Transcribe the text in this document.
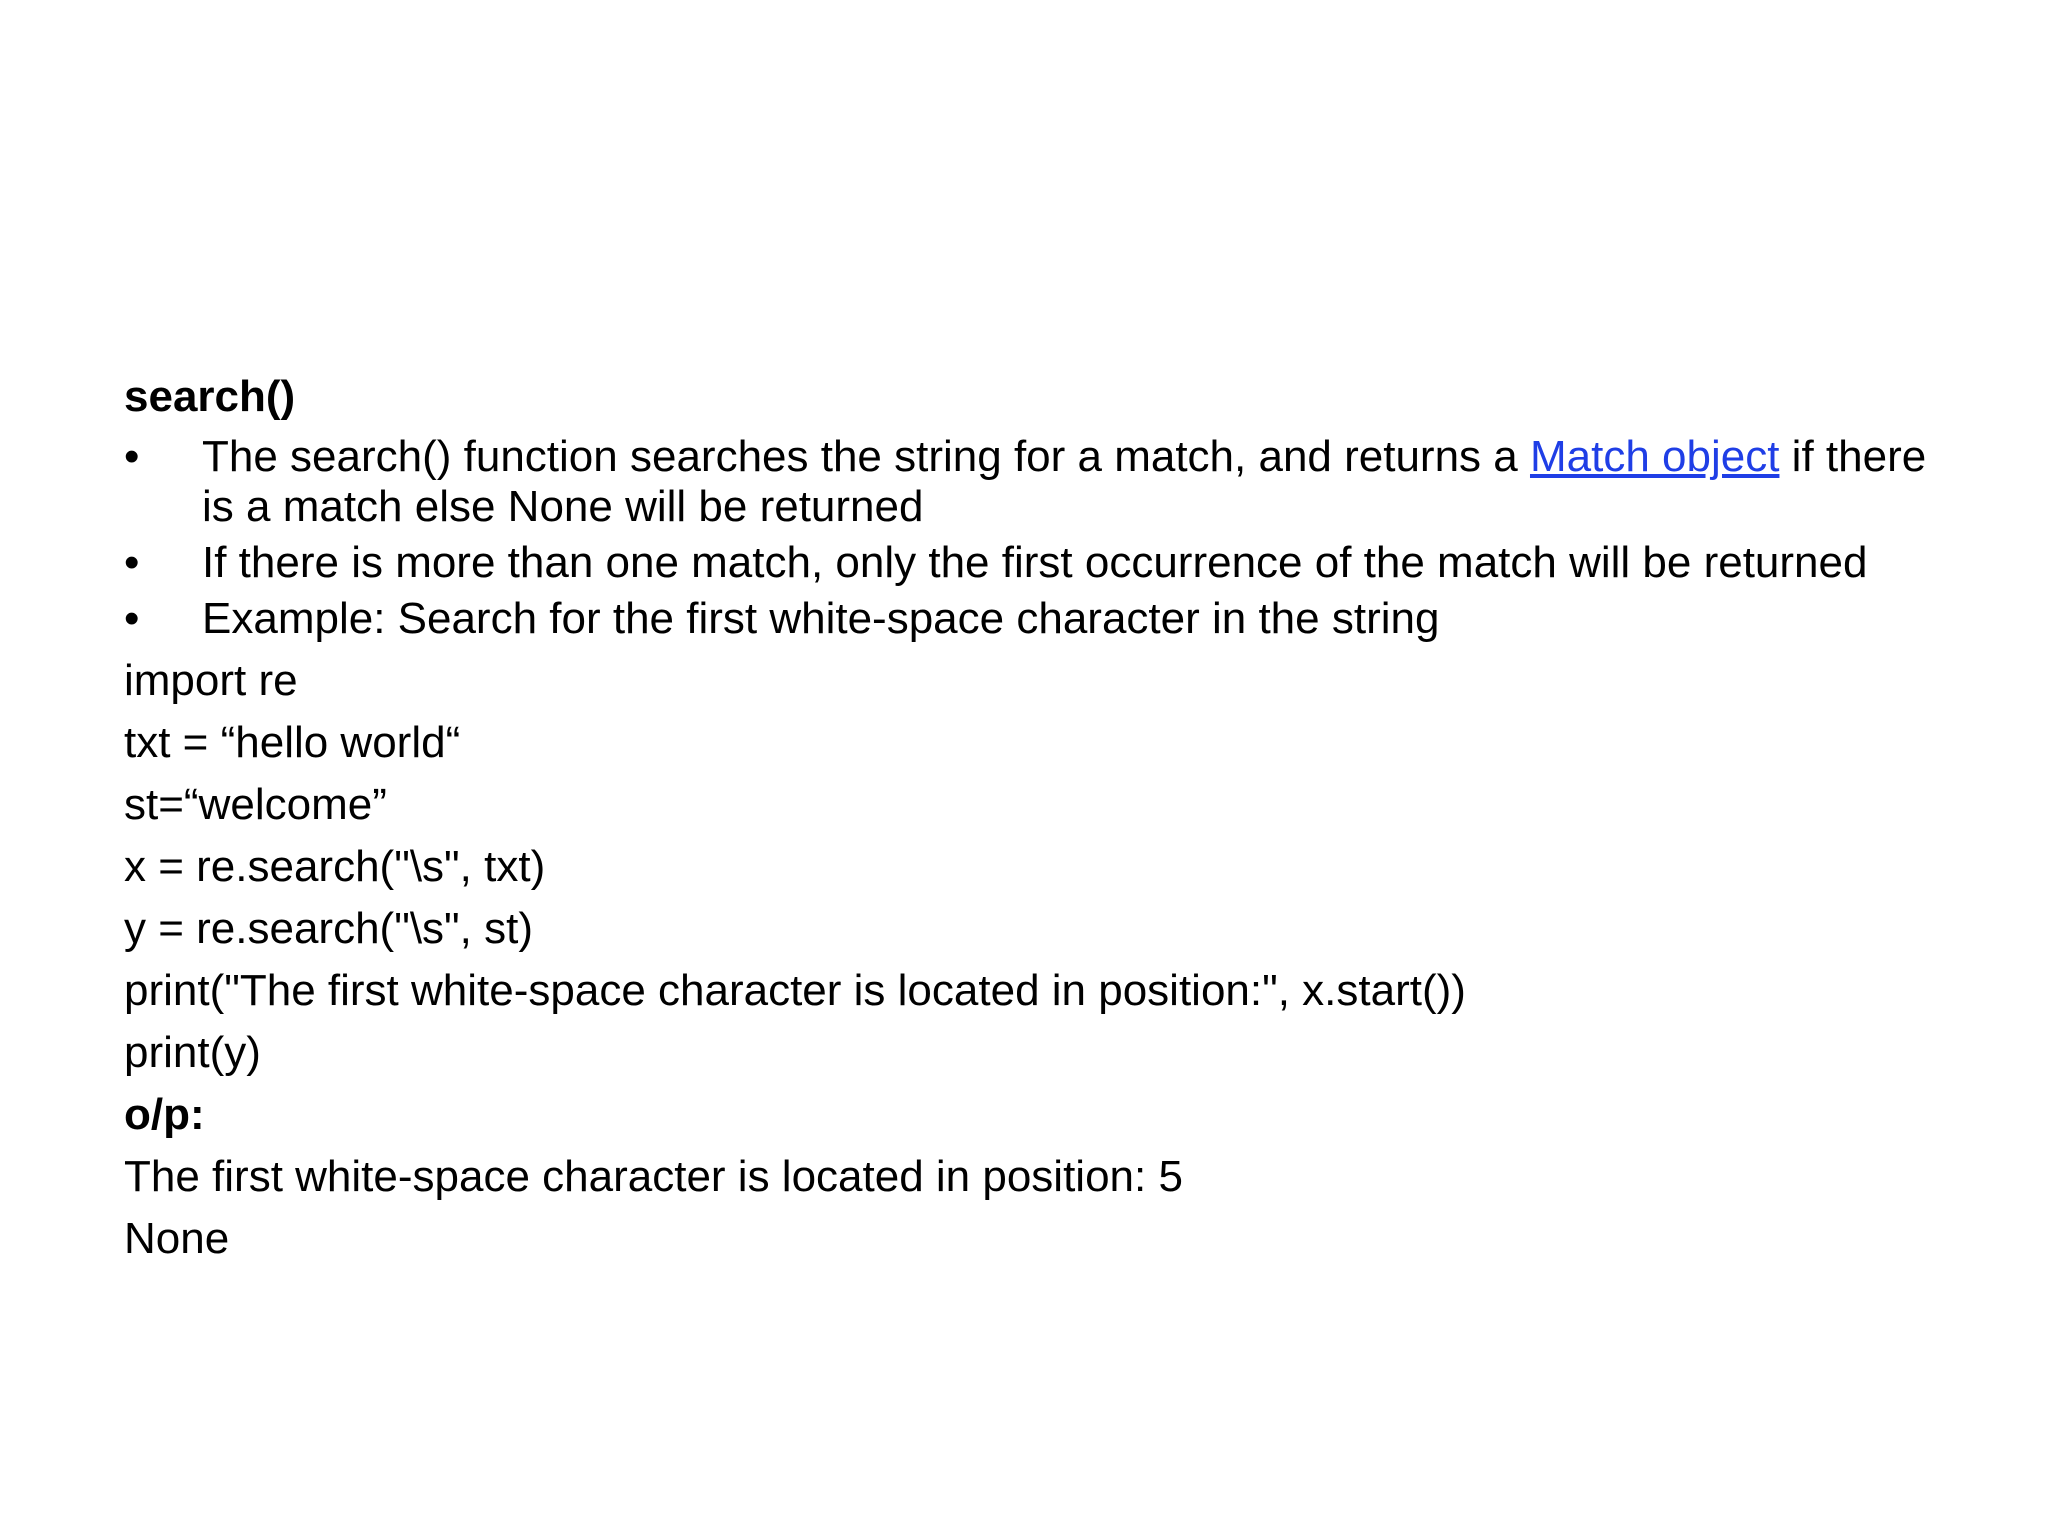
search()
•	The search() function searches the string for a match, and returns a Match object if there is a match else None will be returned
•	If there is more than one match, only the first occurrence of the match will be returned
•	Example: Search for the first white-space character in the string
import re
txt = “hello world“
st=“welcome”
x = re.search("\s", txt)
y = re.search("\s", st)
print("The first white-space character is located in position:", x.start())
print(y)
o/p:
The first white-space character is located in position: 5
None
